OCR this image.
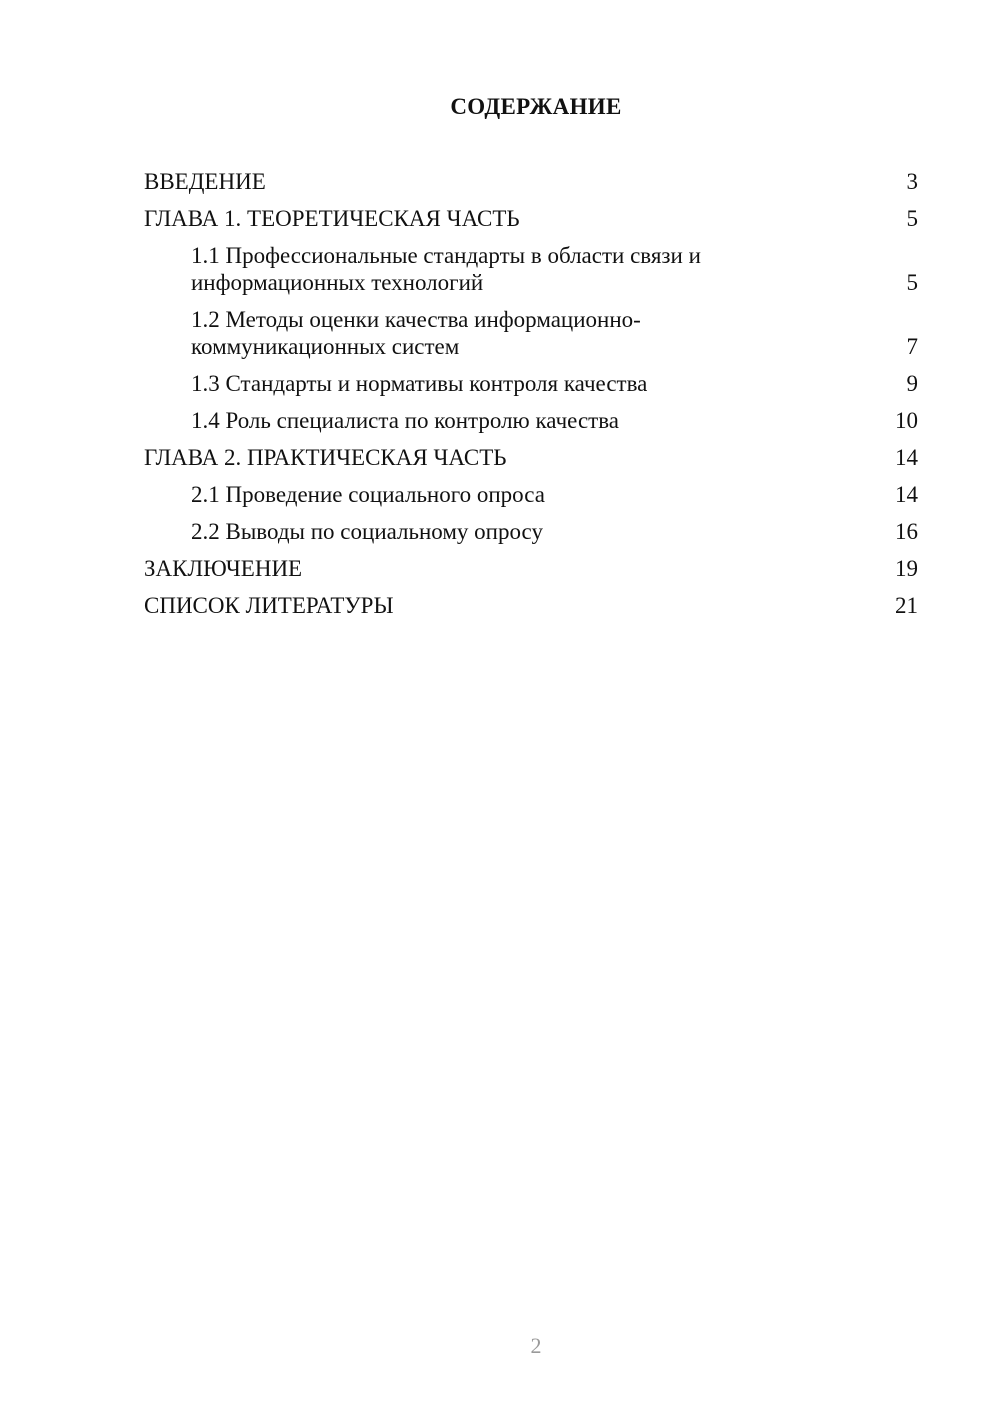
СОДЕРЖАНИЕ
ВВЕДЕНИЕ	3
ГЛАВА 1. ТЕОРЕТИЧЕСКАЯ ЧАСТЬ	5
1.1 Профессиональные стандарты в области связи и информационных технологий	5
1.2 Методы оценки качества информационно-коммуникационных систем	7
1.3 Стандарты и нормативы контроля качества	9
1.4 Роль специалиста по контролю качества	10
ГЛАВА 2. ПРАКТИЧЕСКАЯ ЧАСТЬ	14
2.1 Проведение социального опроса	14
2.2 Выводы по социальному опросу	16
ЗАКЛЮЧЕНИЕ	19
СПИСОК ЛИТЕРАТУРЫ	21
2
